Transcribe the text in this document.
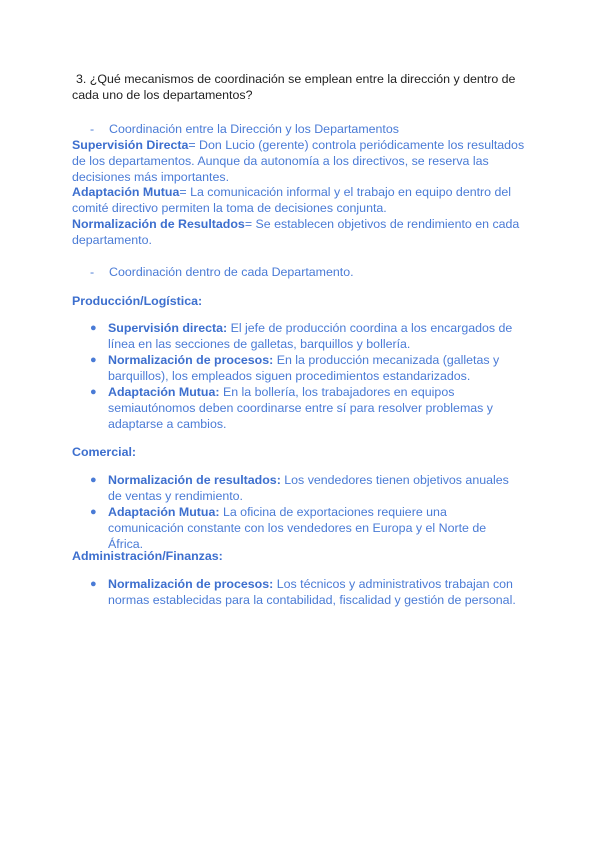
3. ¿Qué mecanismos de coordinación se emplean entre la dirección y dentro de cada uno de los departamentos?
- Coordinación entre la Dirección y los Departamentos
Supervisión Directa= Don Lucio (gerente) controla periódicamente los resultados de los departamentos. Aunque da autonomía a los directivos, se reserva las decisiones más importantes.
Adaptación Mutua= La comunicación informal y el trabajo en equipo dentro del comité directivo permiten la toma de decisiones conjunta.
Normalización de Resultados= Se establecen objetivos de rendimiento en cada departamento.
- Coordinación dentro de cada Departamento.
Producción/Logística:
● Supervisión directa: El jefe de producción coordina a los encargados de línea en las secciones de galletas, barquillos y bollería.
● Normalización de procesos: En la producción mecanizada (galletas y barquillos), los empleados siguen procedimientos estandarizados.
● Adaptación Mutua: En la bollería, los trabajadores en equipos semiautónomos deben coordinarse entre sí para resolver problemas y adaptarse a cambios.
Comercial:
● Normalización de resultados: Los vendedores tienen objetivos anuales de ventas y rendimiento.
● Adaptación Mutua: La oficina de exportaciones requiere una comunicación constante con los vendedores en Europa y el Norte de África.
Administración/Finanzas:
● Normalización de procesos: Los técnicos y administrativos trabajan con normas establecidas para la contabilidad, fiscalidad y gestión de personal.
